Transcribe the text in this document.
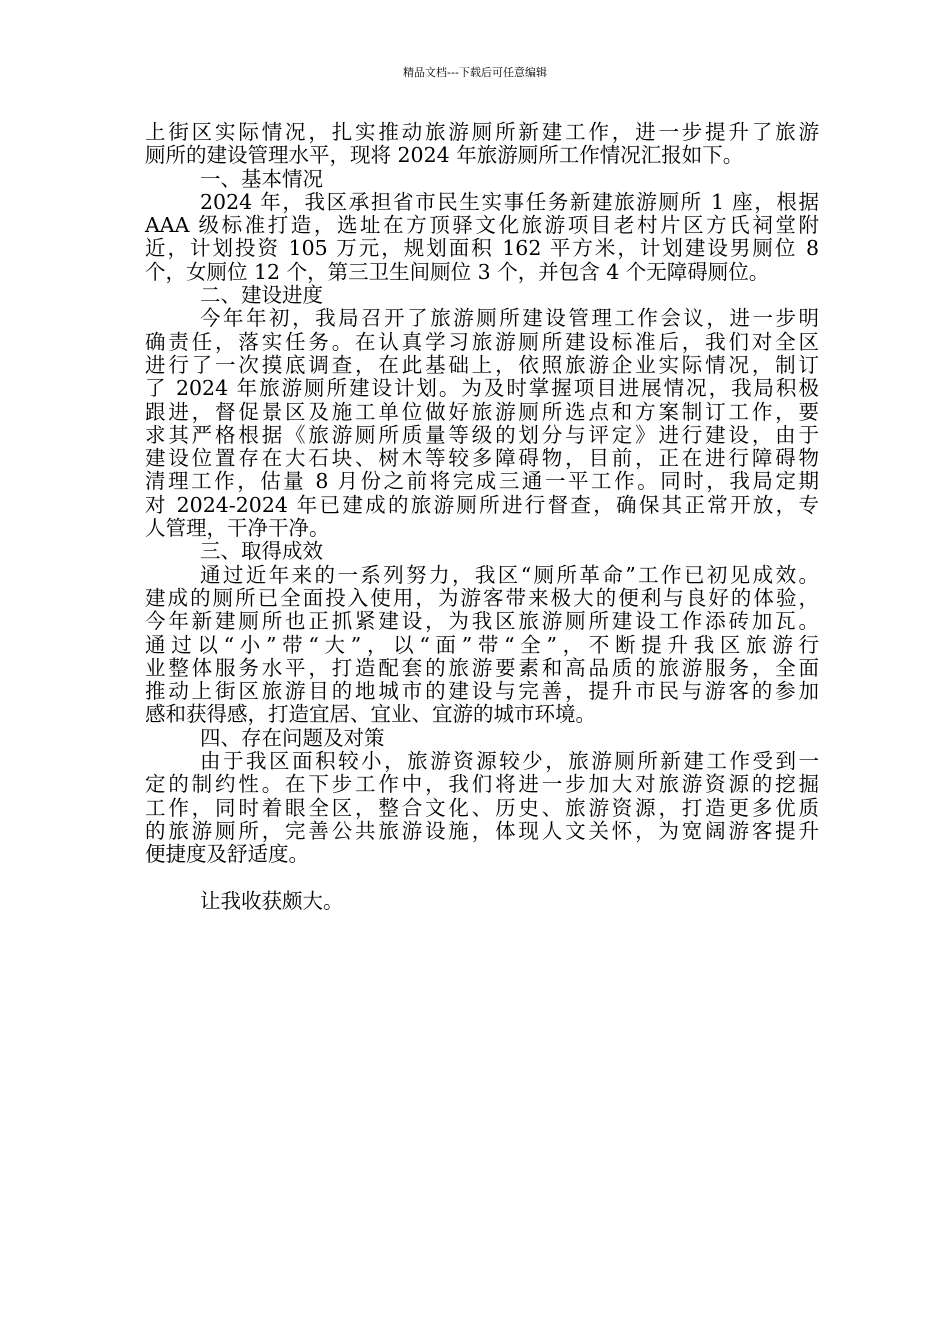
精品文档---下载后可任意编辑
上街区实际情况，扎实推动旅游厕所新建工作，进一步提升了旅游
厕所的建设管理水平，现将 2024 年旅游厕所工作情况汇报如下。
一、基本情况
2024 年，我区承担省市民生实事任务新建旅游厕所 1 座，根据
AAA 级标准打造，选址在方顶驿文化旅游项目老村片区方氏祠堂附
近，计划投资 105 万元，规划面积 162 平方米，计划建设男厕位 8
个，女厕位 12 个，第三卫生间厕位 3 个，并包含 4 个无障碍厕位。
二、建设进度
今年年初，我局召开了旅游厕所建设管理工作会议，进一步明
确责任，落实任务。在认真学习旅游厕所建设标准后，我们对全区
进行了一次摸底调查，在此基础上，依照旅游企业实际情况，制订
了 2024 年旅游厕所建设计划。为及时掌握项目进展情况，我局积极
跟进，督促景区及施工单位做好旅游厕所选点和方案制订工作，要
求其严格根据《旅游厕所质量等级的划分与评定》进行建设，由于
建设位置存在大石块、树木等较多障碍物，目前，正在进行障碍物
清理工作，估量 8 月份之前将完成三通一平工作。同时，我局定期
对 2024-2024 年已建成的旅游厕所进行督查，确保其正常开放，专
人管理，干净干净。
三、取得成效
通过近年来的一系列努力，我区“厕所革命”工作已初见成效。
建成的厕所已全面投入使用，为游客带来极大的便利与良好的体验，
今年新建厕所也正抓紧建设，为我区旅游厕所建设工作添砖加瓦。
通过以“小”带“大”，以“面”带“全”，不断提升我区旅游行
业整体服务水平，打造配套的旅游要素和高品质的旅游服务，全面
推动上街区旅游目的地城市的建设与完善，提升市民与游客的参加
感和获得感，打造宜居、宜业、宜游的城市环境。
四、存在问题及对策
由于我区面积较小，旅游资源较少，旅游厕所新建工作受到一
定的制约性。在下步工作中，我们将进一步加大对旅游资源的挖掘
工作，同时着眼全区，整合文化、历史、旅游资源，打造更多优质
的旅游厕所，完善公共旅游设施，体现人文关怀，为宽阔游客提升
便捷度及舒适度。
让我收获颇大。
